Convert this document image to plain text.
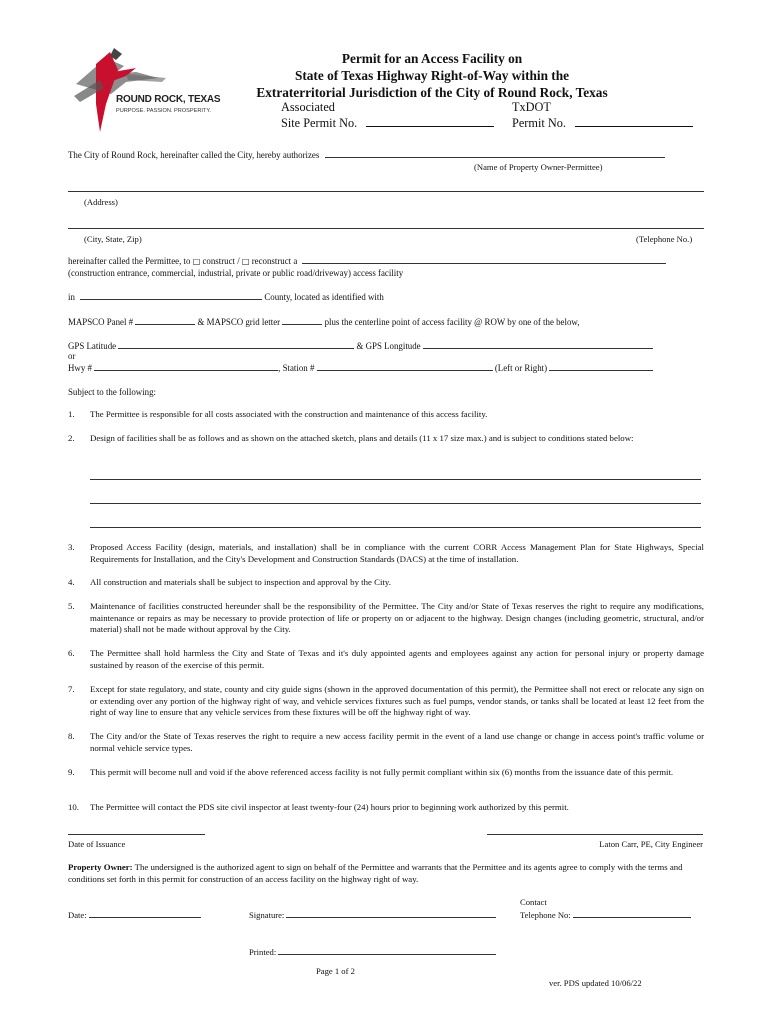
ROUND ROCK, TEXAS
PURPOSE. PASSION. PROSPERITY.
Permit for an Access Facility on
State of Texas Highway Right-of-Way within the
Extraterritorial Jurisdiction of the City of Round Rock, Texas
Associated
Site Permit No.
TxDOT
Permit No.
The City of Round Rock, hereinafter called the City, hereby authorizes
(Name of Property Owner-Permittee)
(Address)
(City, State, Zip)	(Telephone No.)
hereinafter called the Permittee, to □ construct / □ reconstruct a
(construction entrance, commercial, industrial, private or public road/driveway) access facility
in	County, located as identified with
MAPSCO Panel #	& MAPSCO grid letter	plus the centerline point of access facility @ ROW by one of the below,
GPS Latitude	& GPS Longitude
or
Hwy #	, Station #	(Left or Right)
Subject to the following:
1. The Permittee is responsible for all costs associated with the construction and maintenance of this access facility.
2. Design of facilities shall be as follows and as shown on the attached sketch, plans and details (11 x 17 size max.) and is subject to conditions stated below:
3. Proposed Access Facility (design, materials, and installation) shall be in compliance with the current CORR Access Management Plan for State Highways, Special Requirements for Installation, and the City's Development and Construction Standards (DACS) at the time of installation.
4. All construction and materials shall be subject to inspection and approval by the City.
5. Maintenance of facilities constructed hereunder shall be the responsibility of the Permittee. The City and/or State of Texas reserves the right to require any modifications, maintenance or repairs as may be necessary to provide protection of life or property on or adjacent to the highway. Design changes (including geometric, structural, and/or material) shall not be made without approval by the City.
6. The Permittee shall hold harmless the City and State of Texas and it's duly appointed agents and employees against any action for personal injury or property damage sustained by reason of the exercise of this permit.
7. Except for state regulatory, and state, county and city guide signs (shown in the approved documentation of this permit), the Permittee shall not erect or relocate any sign on or extending over any portion of the highway right of way, and vehicle services fixtures such as fuel pumps, vendor stands, or tanks shall be located at least 12 feet from the right of way line to ensure that any vehicle services from these fixtures will be off the highway right of way.
8. The City and/or the State of Texas reserves the right to require a new access facility permit in the event of a land use change or change in access point's traffic volume or normal vehicle service types.
9. This permit will become null and void if the above referenced access facility is not fully permit compliant within six (6) months from the issuance date of this permit.
10. The Permittee will contact the PDS site civil inspector at least twenty-four (24) hours prior to beginning work authorized by this permit.
Date of Issuance	Laton Carr, PE, City Engineer
Property Owner: The undersigned is the authorized agent to sign on behalf of the Permittee and warrants that the Permittee and its agents agree to comply with the terms and conditions set forth in this permit for construction of an access facility on the highway right of way.
Date:	Signature:
Contact
Telephone No:
Printed:
Page 1 of 2
ver. PDS updated 10/06/22
